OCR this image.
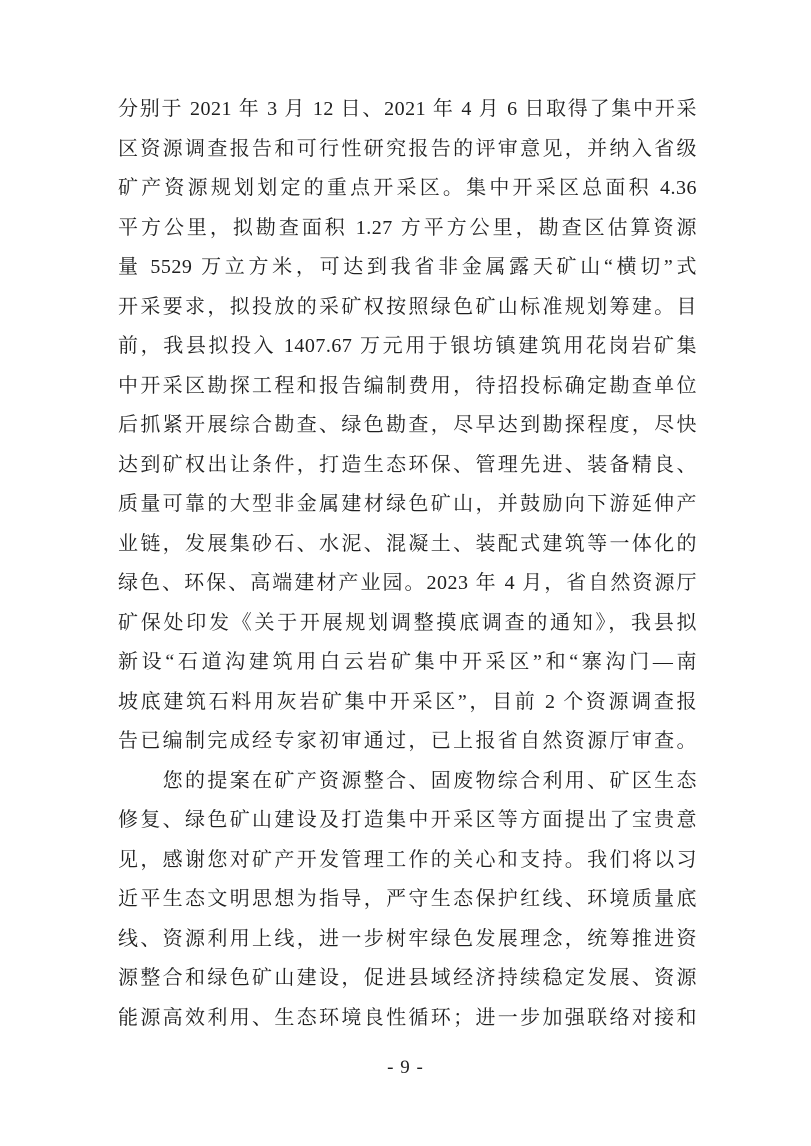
分别于 2021 年 3 月 12 日、2021 年 4 月 6 日取得了集中开采
区资源调查报告和可行性研究报告的评审意见，并纳入省级
矿产资源规划划定的重点开采区。集中开采区总面积 4.36
平方公里，拟勘查面积 1.27 方平方公里，勘查区估算资源
量 5529 万立方米，可达到我省非金属露天矿山“横切”式
开采要求，拟投放的采矿权按照绿色矿山标准规划筹建。目
前，我县拟投入 1407.67 万元用于银坊镇建筑用花岗岩矿集
中开采区勘探工程和报告编制费用，待招投标确定勘查单位
后抓紧开展综合勘查、绿色勘查，尽早达到勘探程度，尽快
达到矿权出让条件，打造生态环保、管理先进、装备精良、
质量可靠的大型非金属建材绿色矿山，并鼓励向下游延伸产
业链，发展集砂石、水泥、混凝土、装配式建筑等一体化的
绿色、环保、高端建材产业园。2023 年 4 月，省自然资源厅
矿保处印发《关于开展规划调整摸底调查的通知》，我县拟
新设“石道沟建筑用白云岩矿集中开采区”和“寨沟门—南
坡底建筑石料用灰岩矿集中开采区”，目前 2 个资源调查报
告已编制完成经专家初审通过，已上报省自然资源厅审查。
　　您的提案在矿产资源整合、固废物综合利用、矿区生态
修复、绿色矿山建设及打造集中开采区等方面提出了宝贵意
见，感谢您对矿产开发管理工作的关心和支持。我们将以习
近平生态文明思想为指导，严守生态保护红线、环境质量底
线、资源利用上线，进一步树牢绿色发展理念，统筹推进资
源整合和绿色矿山建设，促进县域经济持续稳定发展、资源
能源高效利用、生态环境良性循环；进一步加强联络对接和
- 9 -
